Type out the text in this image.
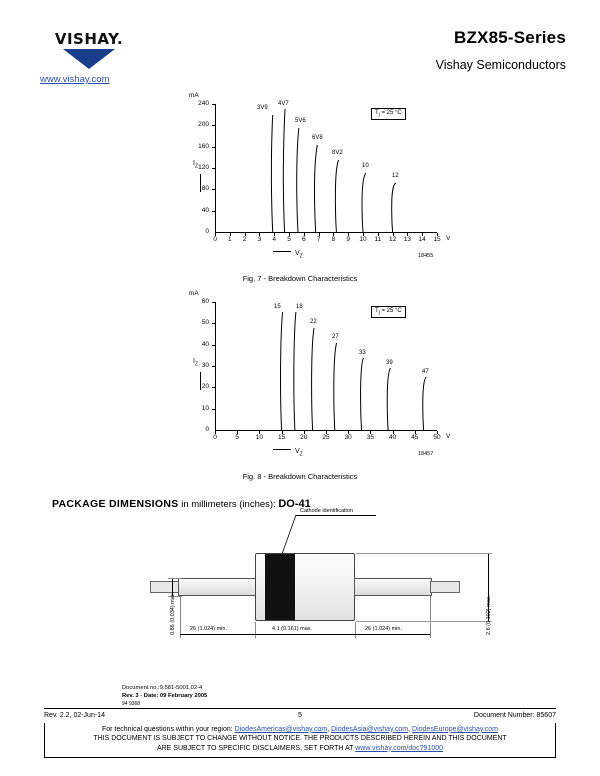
VISHAY.
www.vishay.com
BZX85-Series
Vishay Semiconductors
mA
240
200
160
120
80
40
0
$I_Z$
0	1	2	3	4	5	6	7	8	9	10	11	12	13	14	15 V
$V_Z$
$T_j = 25$ °C
3V9
4V7
5V6
6V8
8V2
10
12
18455
Fig. 7 - Breakdown Characteristics
mA
60
50
40
30
20
10
0
$I_Z$
0	5	10	15	20	25	30	35	40	45	50 V
$V_Z$
$T_j = 25$ °C
15	18
22
27
33
39
47
18457
Fig. 8 - Breakdown Characteristics
PACKAGE DIMENSIONS in millimeters (inches): DO-41
Cathode identification
26 (1.024) min.	4.1 (0.161) max.	26 (1.024) min.
0.86 (0.034) max.	2.6 (0.102) max.
Document no.:9.581-5001.02-4
Rev. 3 - Date: 09 February 2005
94 9368
Rev. 2.2, 02-Jun-14	5	Document Number: 85607
For technical questions within your region: DiodesAmericas@vishay.com, DiodesAsia@vishay.com, DiodesEurope@vishay.com
THIS DOCUMENT IS SUBJECT TO CHANGE WITHOUT NOTICE. THE PRODUCTS DESCRIBED HEREIN AND THIS DOCUMENT
ARE SUBJECT TO SPECIFIC DISCLAIMERS, SET FORTH AT www.vishay.com/doc?91000
